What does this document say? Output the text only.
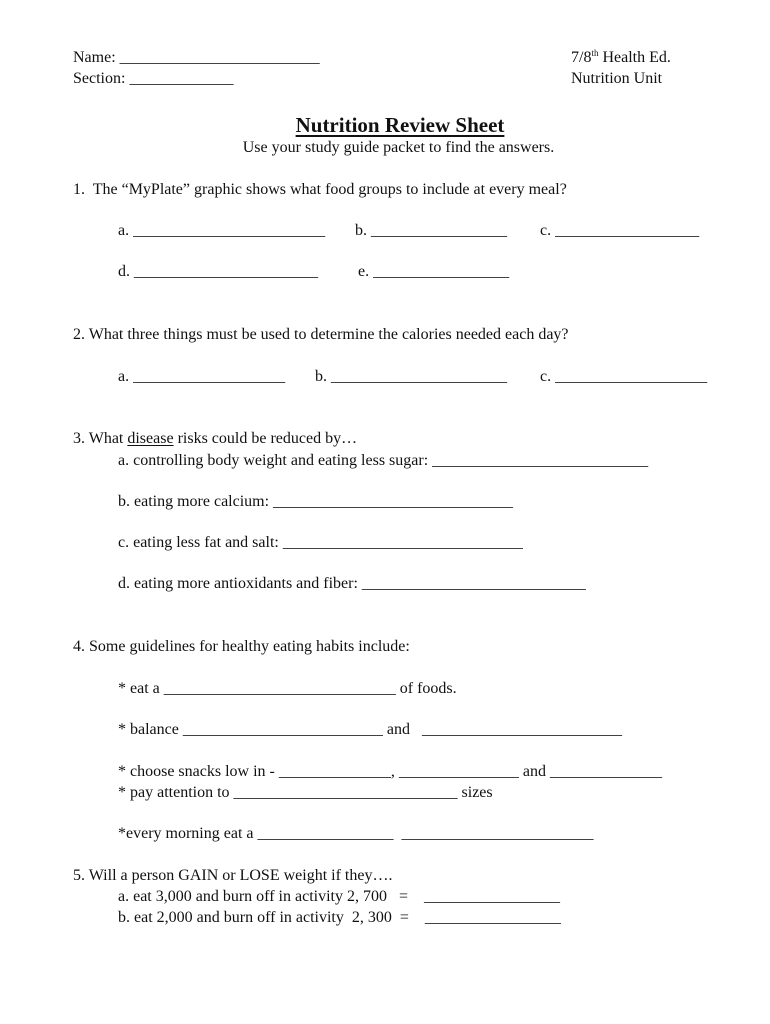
Name: _________________________
Section: _____________
7/8th Health Ed.
Nutrition Unit
Nutrition Review Sheet
Use your study guide packet to find the answers.
1.  The “MyPlate” graphic shows what food groups to include at every meal?
a. ________________________ b. _________________ c. __________________
d. _______________________	e. _________________
2. What three things must be used to determine the calories needed each day?
a. ___________________ b. ______________________ c. ___________________
3. What disease risks could be reduced by…
a. controlling body weight and eating less sugar: ___________________________
b. eating more calcium: ______________________________
c. eating less fat and salt: ______________________________
d. eating more antioxidants and fiber: ____________________________
4. Some guidelines for healthy eating habits include:
* eat a _____________________________ of foods.
* balance _________________________ and   _________________________
* choose snacks low in - ______________, _______________ and ______________
* pay attention to ____________________________ sizes
*every morning eat a _________________  ________________________
5. Will a person GAIN or LOSE weight if they….
a. eat 3,000 and burn off in activity 2, 700   =    _________________
b. eat 2,000 and burn off in activity  2, 300  =    _________________
